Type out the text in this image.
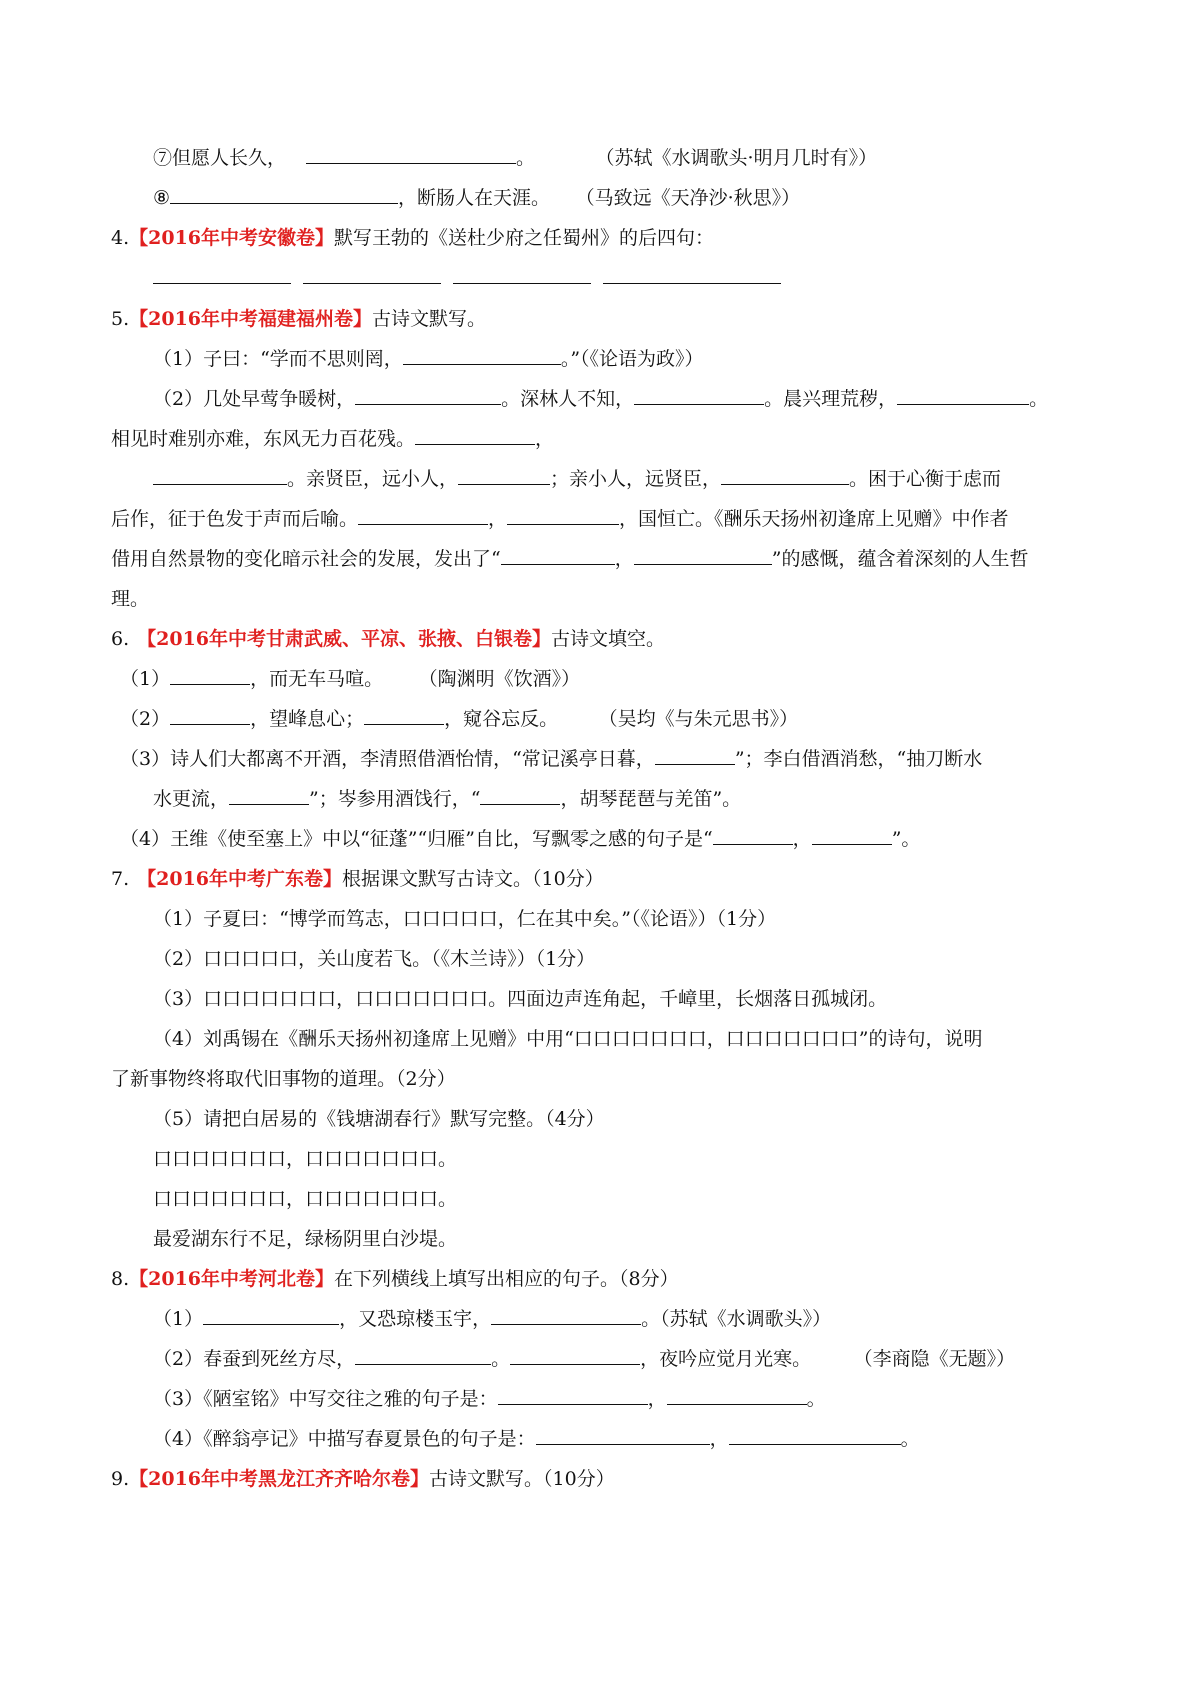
⑦但愿人长久，	。	（苏轼《水调歌头·明月几时有》）
⑧	，断肠人在天涯。 （马致远《天净沙·秋思》）
4.【2016年中考安徽卷】默写王勃的《送杜少府之任蜀州》的后四句：
5.【2016年中考福建福州卷】古诗文默写。
（1）子曰：“学而不思则罔，	。”（《论语为政》）
（2）几处早莺争暖树，	。深林人不知，	。晨兴理荒秽，	。
相见时难别亦难，东风无力百花残。	，
。亲贤臣，远小人，	；亲小人，远贤臣，	。困于心衡于虑而
后作，征于色发于声而后喻。	，	，国恒亡。《酬乐天扬州初逢席上见赠》中作者
借用自然景物的变化暗示社会的发展，发出了“	，	”的感慨，蕴含着深刻的人生哲
理。
6. 【2016年中考甘肃武威、平凉、张掖、白银卷】古诗文填空。
（1）	，而无车马喧。 （陶渊明《饮酒》）
（2）	，望峰息心；	，窥谷忘反。	（吴均《与朱元思书》）
（3）诗人们大都离不开酒，李清照借酒怡情，“常记溪亭日暮，	”；李白借酒消愁，“抽刀断水
水更流，	”；岑参用酒饯行，“	，胡琴琵琶与羌笛”。
（4）王维《使至塞上》中以“征蓬”“归雁”自比，写飘零之感的句子是“	，	”。
7. 【2016年中考广东卷】根据课文默写古诗文。（10分）
（1）子夏曰：“博学而笃志，口口口口口，仁在其中矣。”（《论语》）（1分）
（2）口口口口口，关山度若飞。（《木兰诗》）（1分）
（3）口口口口口口口，口口口口口口口。四面边声连角起，千嶂里，长烟落日孤城闭。
（4）刘禹锡在《酬乐天扬州初逢席上见赠》中用“口口口口口口口，口口口口口口口”的诗句，说明
了新事物终将取代旧事物的道理。（2分）
（5）请把白居易的《钱塘湖春行》默写完整。（4分）
口口口口口口口，口口口口口口口。
口口口口口口口，口口口口口口口。
最爱湖东行不足，绿杨阴里白沙堤。
8.【2016年中考河北卷】在下列横线上填写出相应的句子。（8分）
（1）	，又恐琼楼玉宇，	。（苏轼《水调歌头》）
（2）春蚕到死丝方尽，	。	，夜吟应觉月光寒。	（李商隐《无题》）
（3）《陋室铭》中写交往之雅的句子是：	，	。
（4）《醉翁亭记》中描写春夏景色的句子是：	，	。
9.【2016年中考黑龙江齐齐哈尔卷】古诗文默写。（10分）
